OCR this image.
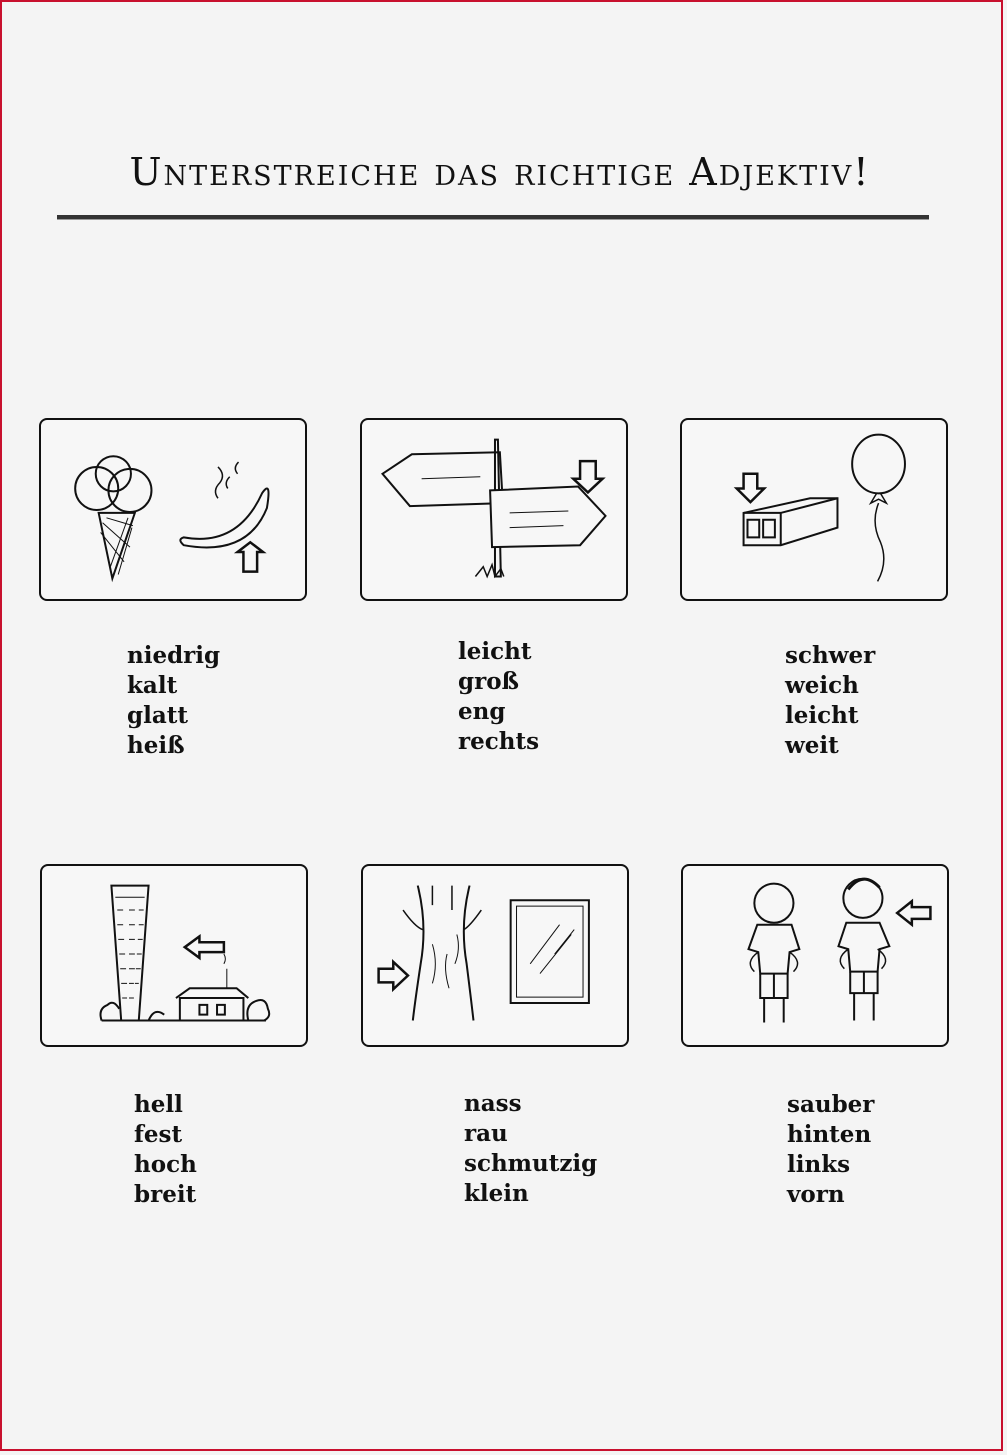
Unterstreiche das richtige Adjektiv!
niedrig
kalt
glatt
heiß
leicht
groß
eng
rechts
schwer
weich
leicht
weit
hell
fest
hoch
breit
nass
rau
schmutzig
klein
sauber
hinten
links
vorn
